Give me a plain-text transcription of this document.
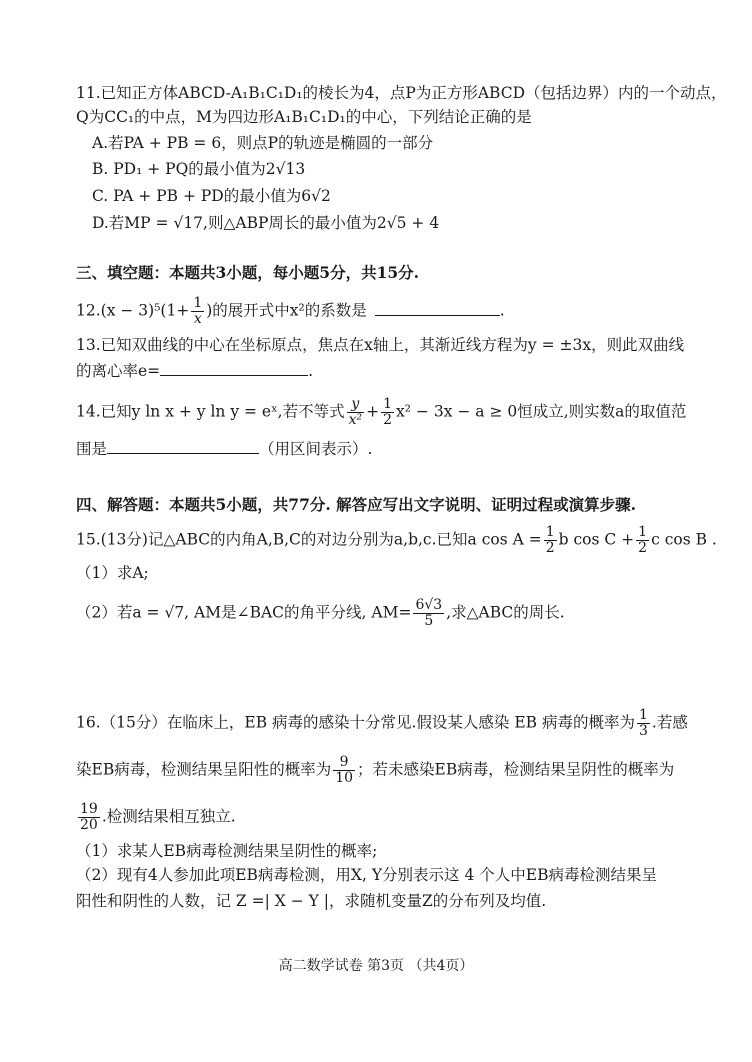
11.已知正方体ABCD-A₁B₁C₁D₁的棱长为4，点P为正方形ABCD（包括边界）内的一个动点，
Q为CC₁的中点，M为四边形A₁B₁C₁D₁的中心，下列结论正确的是
A.若PA + PB = 6，则点P的轨迹是椭圆的一部分
B. PD₁ + PQ的最小值为2√13
C. PA + PB + PD的最小值为6√2
D.若MP = √17,则△ABP周长的最小值为2√5 + 4
三、填空题：本题共3小题，每小题5分，共15分.
$12.(x - 3)^5(1+ \frac{1}{x}$ )的展开式中x²的系数是	.
13.已知双曲线的中心在坐标原点，焦点在x轴上，其渐近线方程为y = ±3x，则此双曲线
的离心率e=	.
14.已知y ln x + y ln y = eˣ,若不等式 $\frac{y}{\text{x²}} + \frac{1}{2} x^2 - 3x - a \ge 0$恒成立,则实数a的取值范
围是	（用区间表示）.
四、解答题：本题共5小题，共77分. 解答应写出文字说明、证明过程或演算步骤.
15.(13分)记△ABC的内角A,B,C的对边分别为a,b,c.已知a $\cos A = \frac{1}{2}$ b $\cos C + \frac{1}{2}$ c cos B .
（1）求A;
（2）若a = √7, AM是∠BAC的角平分线, $AM= \frac{6√3}{5}$ ,求△ABC的周长.
16.（15分）在临床上，EB 病毒的感染十分常见.假设某人感染 EB 病毒的概率为 $\frac{1}{3}$ .若感
染EB病毒，检测结果呈阳性的概率为 $\frac{9}{10}$ ；若未感染EB病毒，检测结果呈阴性的概率为
$\frac{19}{20}$ .检测结果相互独立.
（1）求某人EB病毒检测结果呈阴性的概率;
（2）现有4人参加此项EB病毒检测，用X, Y分别表示这 4 个人中EB病毒检测结果呈
阳性和阴性的人数，记 Z =| X − Y |，求随机变量Z的分布列及均值.
高二数学试卷 第3页 （共4页）
